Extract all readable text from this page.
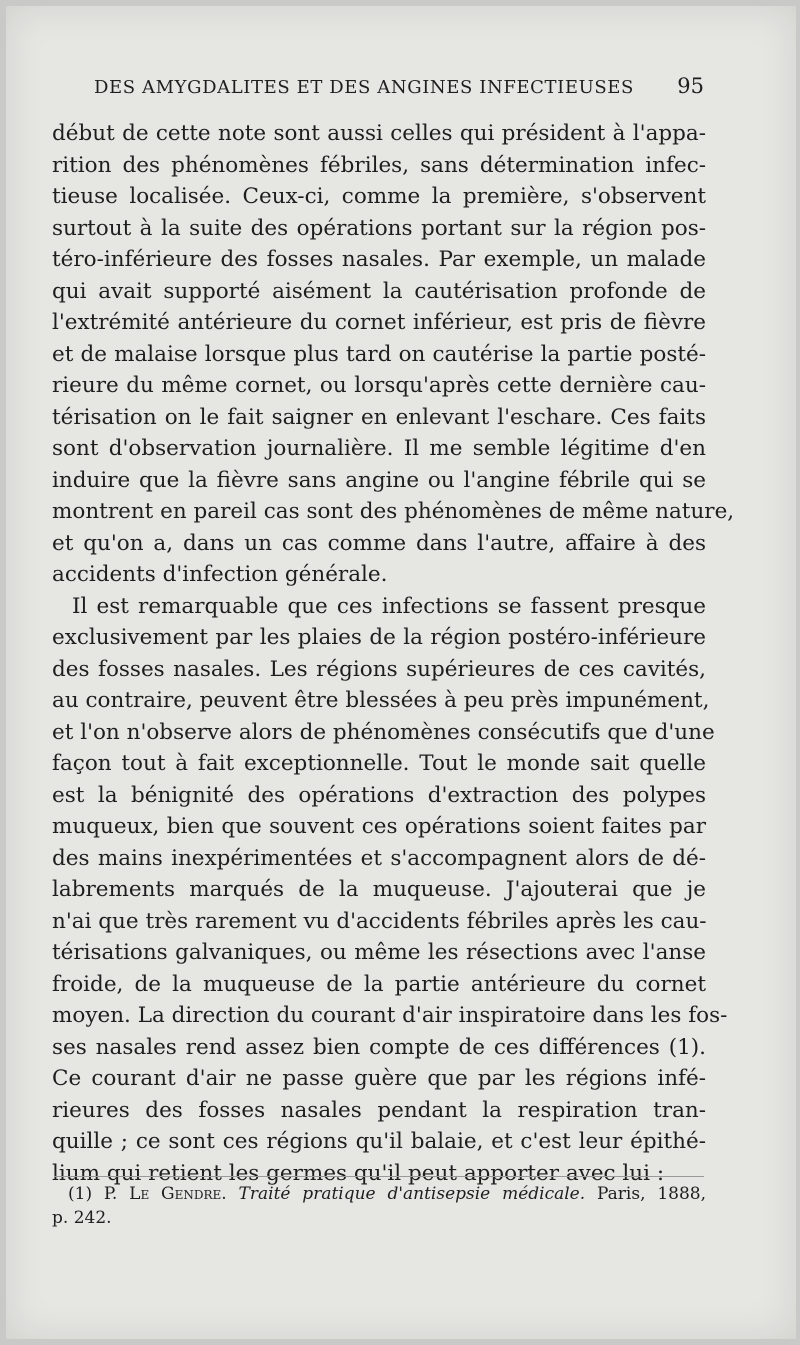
DES AMYGDALITES ET DES ANGINES INFECTIEUSES 95
début de cette note sont aussi celles qui président à l'appa-
rition des phénomènes fébriles, sans détermination infec-
tieuse localisée. Ceux-ci, comme la première, s'observent
surtout à la suite des opérations portant sur la région pos-
téro-inférieure des fosses nasales. Par exemple, un malade
qui avait supporté aisément la cautérisation profonde de
l'extrémité antérieure du cornet inférieur, est pris de fièvre
et de malaise lorsque plus tard on cautérise la partie posté-
rieure du même cornet, ou lorsqu'après cette dernière cau-
térisation on le fait saigner en enlevant l'eschare. Ces faits
sont d'observation journalière. Il me semble légitime d'en
induire que la fièvre sans angine ou l'angine fébrile qui se
montrent en pareil cas sont des phénomènes de même nature,
et qu'on a, dans un cas comme dans l'autre, affaire à des
accidents d'infection générale.
Il est remarquable que ces infections se fassent presque
exclusivement par les plaies de la région postéro-inférieure
des fosses nasales. Les régions supérieures de ces cavités,
au contraire, peuvent être blessées à peu près impunément,
et l'on n'observe alors de phénomènes consécutifs que d'une
façon tout à fait exceptionnelle. Tout le monde sait quelle
est la bénignité des opérations d'extraction des polypes
muqueux, bien que souvent ces opérations soient faites par
des mains inexpérimentées et s'accompagnent alors de dé-
labrements marqués de la muqueuse. J'ajouterai que je
n'ai que très rarement vu d'accidents fébriles après les cau-
térisations galvaniques, ou même les résections avec l'anse
froide, de la muqueuse de la partie antérieure du cornet
moyen. La direction du courant d'air inspiratoire dans les fos-
ses nasales rend assez bien compte de ces différences (1).
Ce courant d'air ne passe guère que par les régions infé-
rieures des fosses nasales pendant la respiration tran-
quille ; ce sont ces régions qu'il balaie, et c'est leur épithé-
lium qui retient les germes qu'il peut apporter avec lui :
(1) P. Le Gendre. Traité pratique d'antisepsie médicale. Paris, 1888,
p. 242.
